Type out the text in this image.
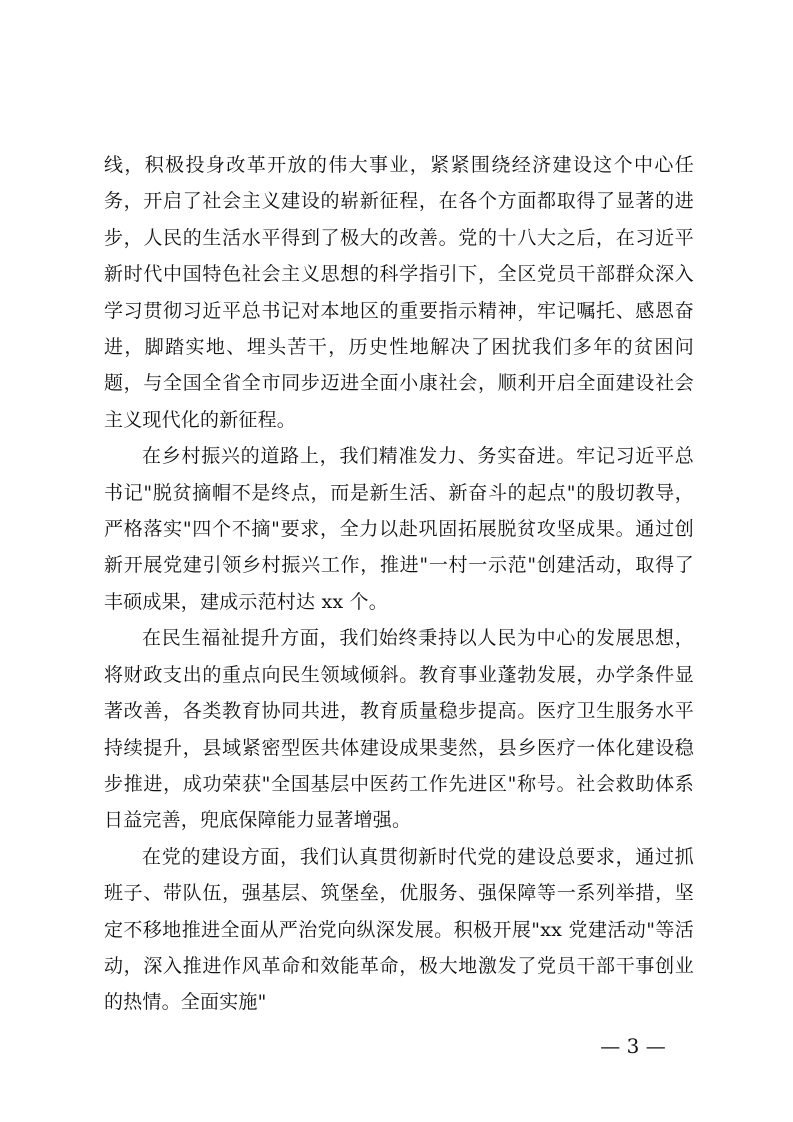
线，积极投身改革开放的伟大事业，紧紧围绕经济建设这个中心任务，开启了社会主义建设的崭新征程，在各个方面都取得了显著的进步，人民的生活水平得到了极大的改善。党的十八大之后，在习近平新时代中国特色社会主义思想的科学指引下，全区党员干部群众深入学习贯彻习近平总书记对本地区的重要指示精神，牢记嘱托、感恩奋进，脚踏实地、埋头苦干，历史性地解决了困扰我们多年的贫困问题，与全国全省全市同步迈进全面小康社会，顺利开启全面建设社会主义现代化的新征程。

在乡村振兴的道路上，我们精准发力、务实奋进。牢记习近平总书记"脱贫摘帽不是终点，而是新生活、新奋斗的起点"的殷切教导，严格落实"四个不摘"要求，全力以赴巩固拓展脱贫攻坚成果。通过创新开展党建引领乡村振兴工作，推进"一村一示范"创建活动，取得了丰硕成果，建成示范村达 xx 个。

在民生福祉提升方面，我们始终秉持以人民为中心的发展思想，将财政支出的重点向民生领域倾斜。教育事业蓬勃发展，办学条件显著改善，各类教育协同共进，教育质量稳步提高。医疗卫生服务水平持续提升，县域紧密型医共体建设成果斐然，县乡医疗一体化建设稳步推进，成功荣获"全国基层中医药工作先进区"称号。社会救助体系日益完善，兜底保障能力显著增强。

在党的建设方面，我们认真贯彻新时代党的建设总要求，通过抓班子、带队伍，强基层、筑堡垒，优服务、强保障等一系列举措，坚定不移地推进全面从严治党向纵深发展。积极开展"xx 党建活动"等活动，深入推进作风革命和效能革命，极大地激发了党员干部干事创业的热情。全面实施"

— 3 —
